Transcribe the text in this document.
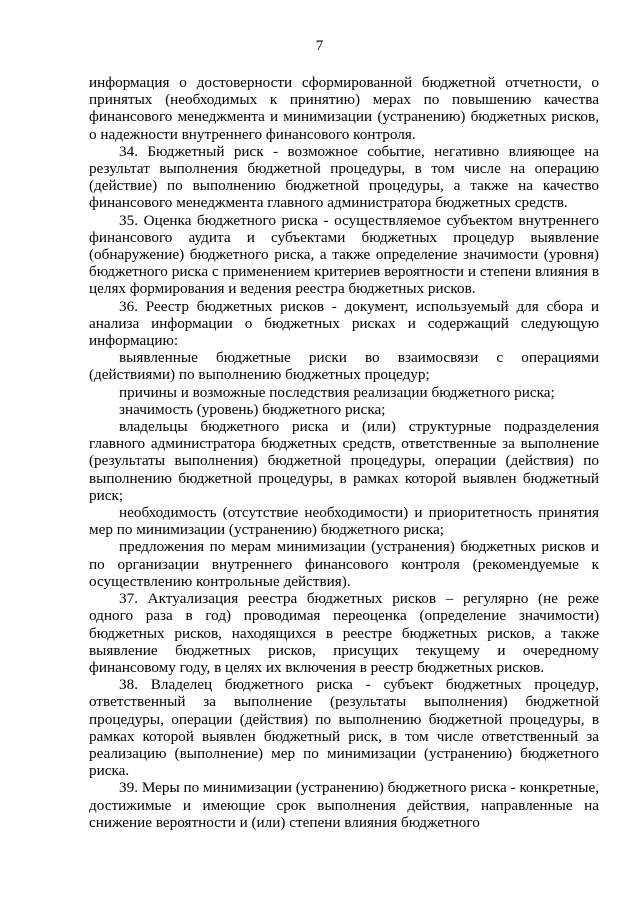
7

информация о достоверности сформированной бюджетной отчетности, о принятых (необходимых к принятию) мерах по повышению качества финансового менеджмента и минимизации (устранению) бюджетных рисков, о надежности внутреннего финансового контроля.

34. Бюджетный риск - возможное событие, негативно влияющее на результат выполнения бюджетной процедуры, в том числе на операцию (действие) по выполнению бюджетной процедуры, а также на качество финансового менеджмента главного администратора бюджетных средств.

35. Оценка бюджетного риска - осуществляемое субъектом внутреннего финансового аудита и субъектами бюджетных процедур выявление (обнаружение) бюджетного риска, а также определение значимости (уровня) бюджетного риска с применением критериев вероятности и степени влияния в целях формирования и ведения реестра бюджетных рисков.

36. Реестр бюджетных рисков - документ, используемый для сбора и анализа информации о бюджетных рисках и содержащий следующую информацию:

выявленные бюджетные риски во взаимосвязи с операциями (действиями) по выполнению бюджетных процедур;

причины и возможные последствия реализации бюджетного риска;

значимость (уровень) бюджетного риска;

владельцы бюджетного риска и (или) структурные подразделения главного администратора бюджетных средств, ответственные за выполнение (результаты выполнения) бюджетной процедуры, операции (действия) по выполнению бюджетной процедуры, в рамках которой выявлен бюджетный риск;

необходимость (отсутствие необходимости) и приоритетность принятия мер по минимизации (устранению) бюджетного риска;

предложения по мерам минимизации (устранения) бюджетных рисков и по организации внутреннего финансового контроля (рекомендуемые к осуществлению контрольные действия).

37. Актуализация реестра бюджетных рисков – регулярно (не реже одного раза в год) проводимая переоценка (определение значимости) бюджетных рисков, находящихся в реестре бюджетных рисков, а также выявление бюджетных рисков, присущих текущему и очередному финансовому году, в целях их включения в реестр бюджетных рисков.

38. Владелец бюджетного риска - субъект бюджетных процедур, ответственный за выполнение (результаты выполнения) бюджетной процедуры, операции (действия) по выполнению бюджетной процедуры, в рамках которой выявлен бюджетный риск, в том числе ответственный за реализацию (выполнение) мер по минимизации (устранению) бюджетного риска.

39. Меры по минимизации (устранению) бюджетного риска - конкретные, достижимые и имеющие срок выполнения действия, направленные на снижение вероятности и (или) степени влияния бюджетного
